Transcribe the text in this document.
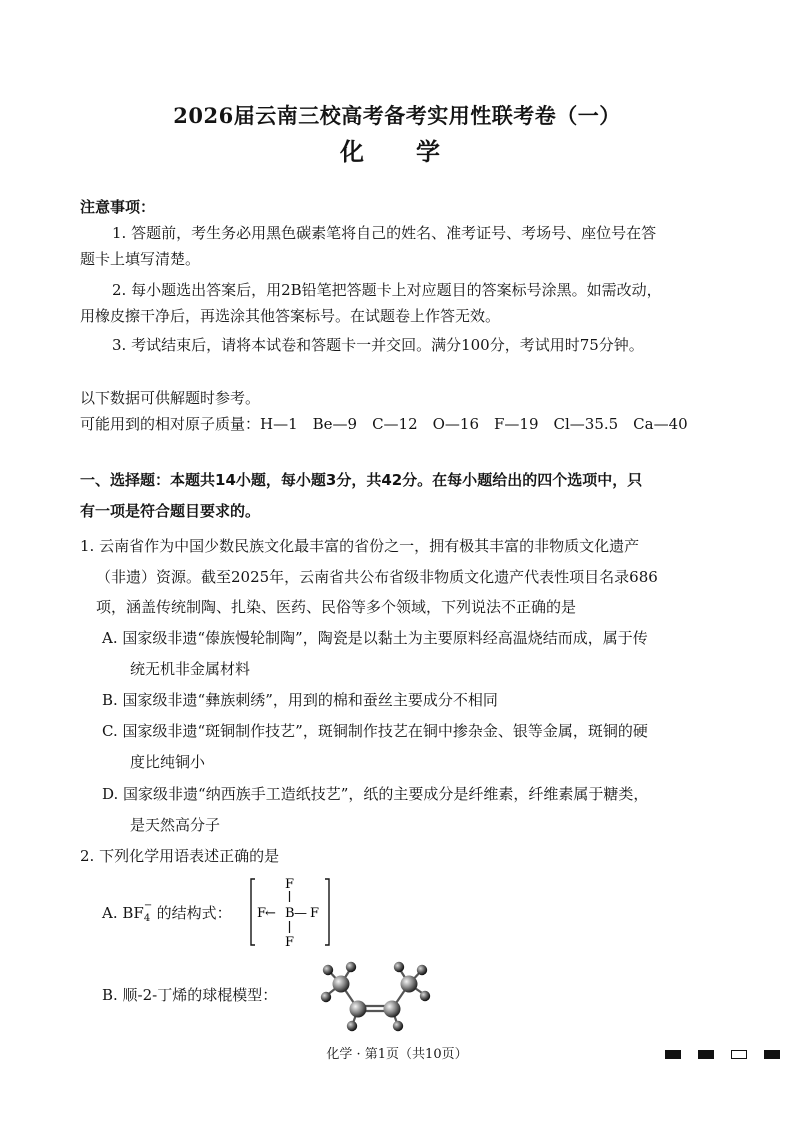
2026届云南三校高考备考实用性联考卷（一）
化　学
注意事项：
1. 答题前，考生务必用黑色碳素笔将自己的姓名、准考证号、考场号、座位号在答
题卡上填写清楚。
2. 每小题选出答案后，用2B铅笔把答题卡上对应题目的答案标号涂黑。如需改动，
用橡皮擦干净后，再选涂其他答案标号。在试题卷上作答无效。
3. 考试结束后，请将本试卷和答题卡一并交回。满分100分，考试用时75分钟。
以下数据可供解题时参考。
可能用到的相对原子质量：H—1　Be—9　C—12　O—16　F—19　Cl—35.5　Ca—40
一、选择题：本题共14小题，每小题3分，共42分。在每小题给出的四个选项中，只
有一项是符合题目要求的。
1. 云南省作为中国少数民族文化最丰富的省份之一，拥有极其丰富的非物质文化遗产
（非遗）资源。截至2025年，云南省共公布省级非物质文化遗产代表性项目名录686
项，涵盖传统制陶、扎染、医药、民俗等多个领域，下列说法不正确的是
A. 国家级非遗“傣族慢轮制陶”，陶瓷是以黏土为主要原料经高温烧结而成，属于传
统无机非金属材料
B. 国家级非遗“彝族刺绣”，用到的棉和蚕丝主要成分不相同
C. 国家级非遗“斑铜制作技艺”，斑铜制作技艺在铜中掺杂金、银等金属，斑铜的硬
度比纯铜小
D. 国家级非遗“纳西族手工造纸技艺”，纸的主要成分是纤维素，纤维素属于糖类，
是天然高分子
2. 下列化学用语表述正确的是
A. BF −
4 的结构式：
F
F
← B — F
F
B. 顺-2-丁烯的球棍模型：
化学 · 第1页（共10页）
